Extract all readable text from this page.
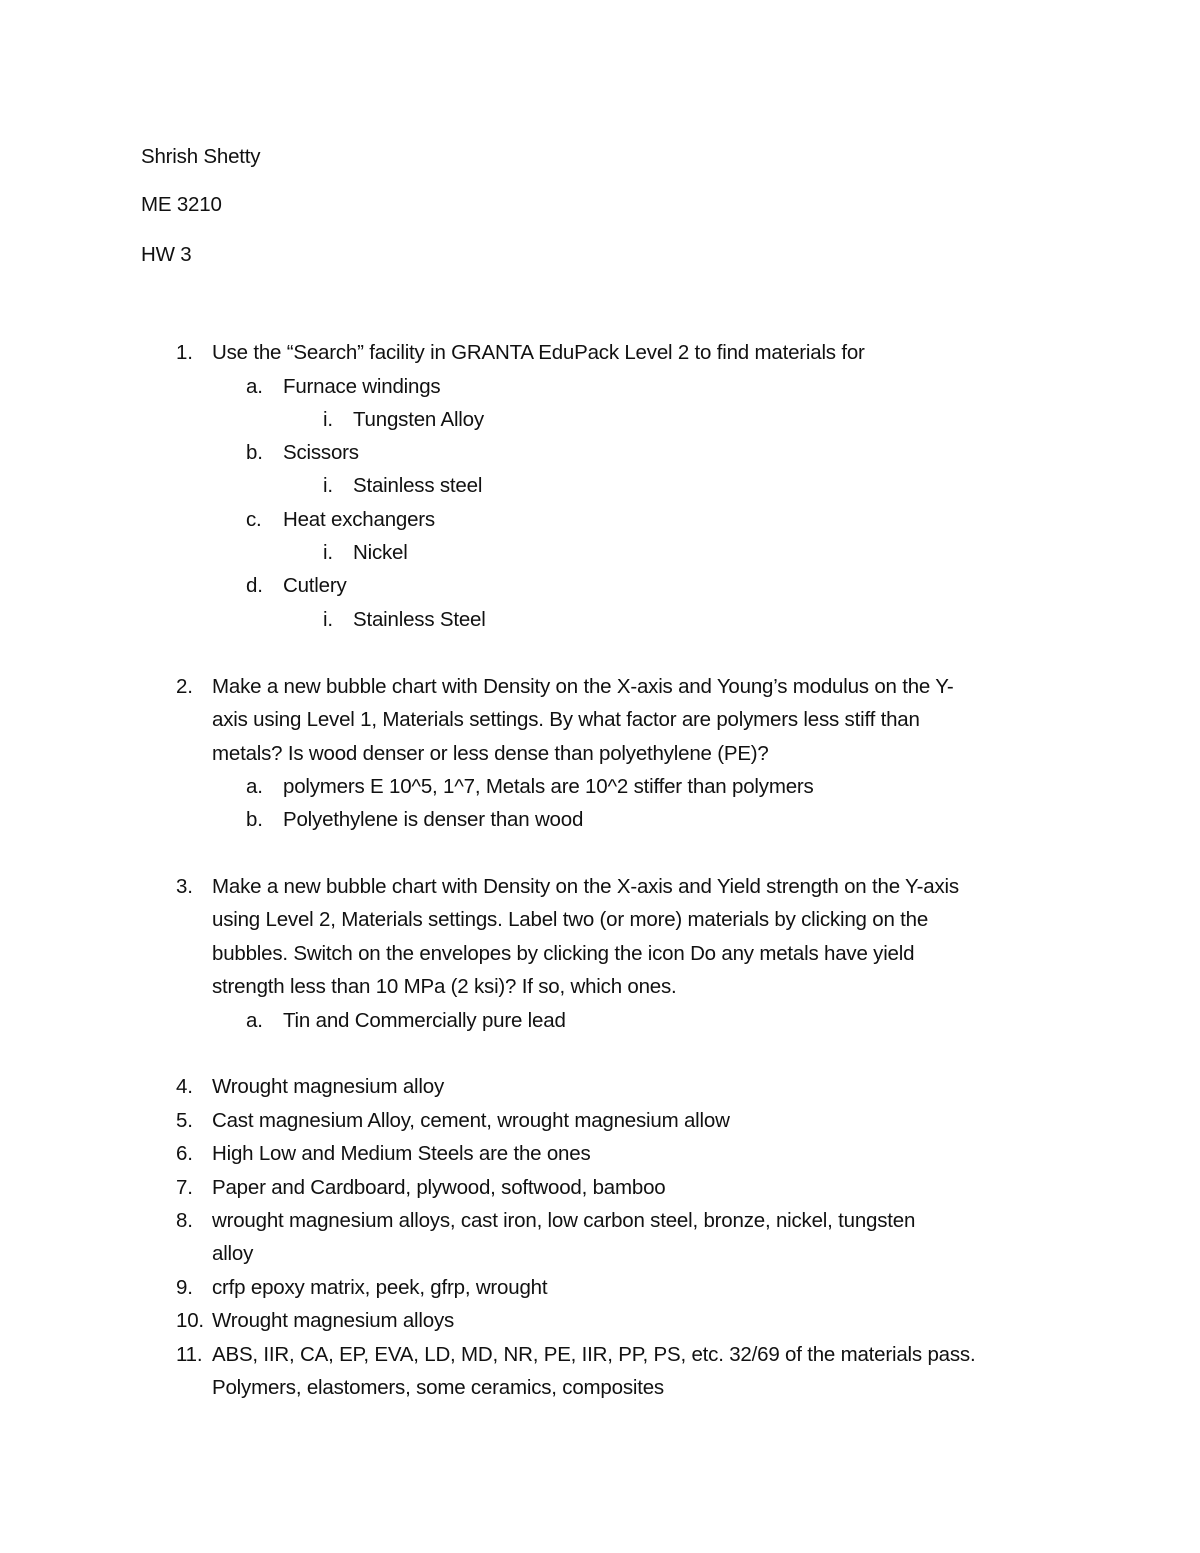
Shrish Shetty
ME 3210
HW 3
1. Use the “Search” facility in GRANTA EduPack Level 2 to find materials for
a. Furnace windings
i. Tungsten Alloy
b. Scissors
i. Stainless steel
c. Heat exchangers
i. Nickel
d. Cutlery
i. Stainless Steel
2. Make a new bubble chart with Density on the X-axis and Young’s modulus on the Y-
axis using Level 1, Materials settings. By what factor are polymers less stiff than
metals? Is wood denser or less dense than polyethylene (PE)?
a. polymers E 10^5, 1^7, Metals are 10^2 stiffer than polymers
b. Polyethylene is denser than wood
3. Make a new bubble chart with Density on the X-axis and Yield strength on the Y-axis
using Level 2, Materials settings. Label two (or more) materials by clicking on the
bubbles. Switch on the envelopes by clicking the icon Do any metals have yield
strength less than 10 MPa (2 ksi)? If so, which ones.
a. Tin and Commercially pure lead
4. Wrought magnesium alloy
5. Cast magnesium Alloy, cement, wrought magnesium allow
6. High Low and Medium Steels are the ones
7. Paper and Cardboard, plywood, softwood, bamboo
8. wrought magnesium alloys, cast iron, low carbon steel, bronze, nickel, tungsten
alloy
9. crfp epoxy matrix, peek, gfrp, wrought
10. Wrought magnesium alloys
11. ABS, IIR, CA, EP, EVA, LD, MD, NR, PE, IIR, PP, PS, etc. 32/69 of the materials pass.
Polymers, elastomers, some ceramics, composites
